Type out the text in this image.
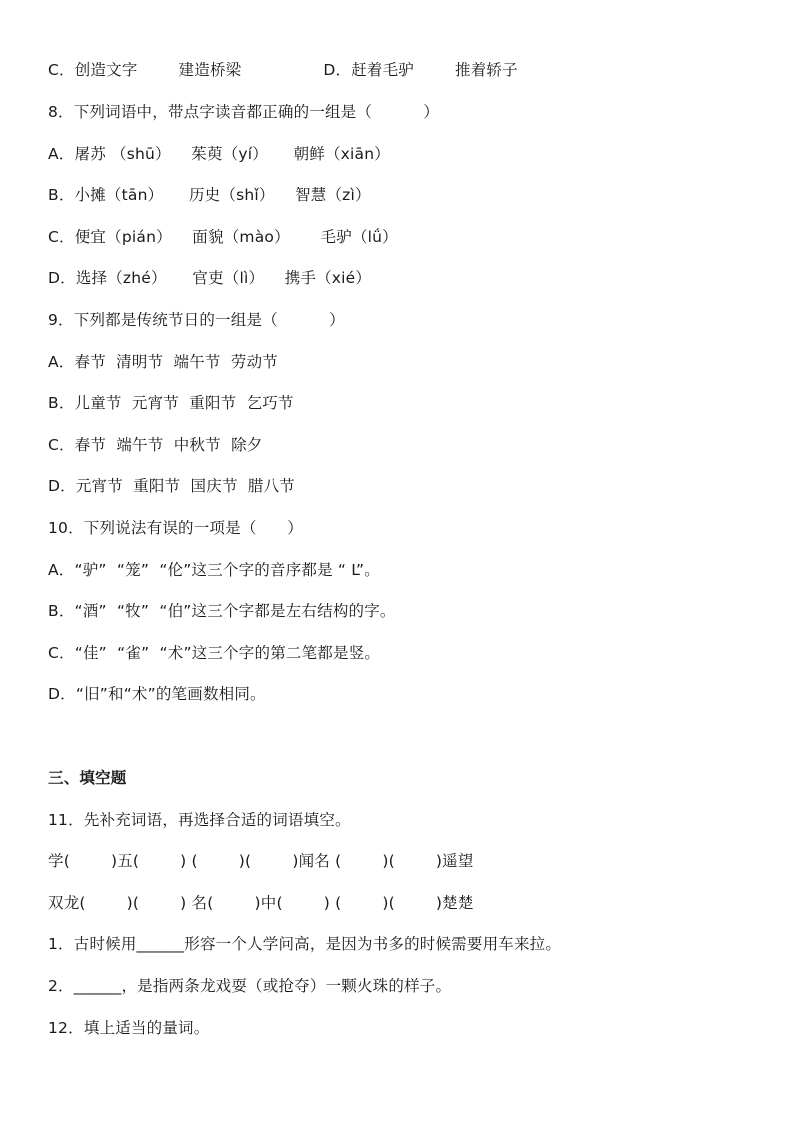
C．创造文字        建造桥梁                D．赶着毛驴        推着轿子
8．下列词语中，带点字读音都正确的一组是（          ）
A．屠苏 （shū）    茱萸（yí）     朝鲜（xiān）
B．小摊（tān）     历史（shǐ）    智慧（zì）
C．便宜（pián）    面貌（mào）      毛驴（lǘ）
D．选择（zhé）     官吏（lì）    携手（xié）
9．下列都是传统节日的一组是（          ）
A．春节  清明节  端午节  劳动节
B．儿童节  元宵节  重阳节  乞巧节
C．春节  端午节  中秋节  除夕
D．元宵节  重阳节  国庆节  腊八节
10．下列说法有误的一项是（      ）
A．“驴”  “笼”  “伦”这三个字的音序都是 “ L”。
B．“酒”  “牧”  “伯”这三个字都是左右结构的字。
C．“佳”  “雀”  “术”这三个字的第二笔都是竖。
D．“旧”和“术”的笔画数相同。
三、填空题
11．先补充词语，再选择合适的词语填空。
学(        )五(        ) (        )(        )闻名 (        )(        )遥望
双龙(        )(        ) 名(        )中(        ) (        )(        )楚楚
1．古时候用______形容一个人学问高，是因为书多的时候需要用车来拉。
2．______，是指两条龙戏耍（或抢夺）一颗火珠的样子。
12．填上适当的量词。
